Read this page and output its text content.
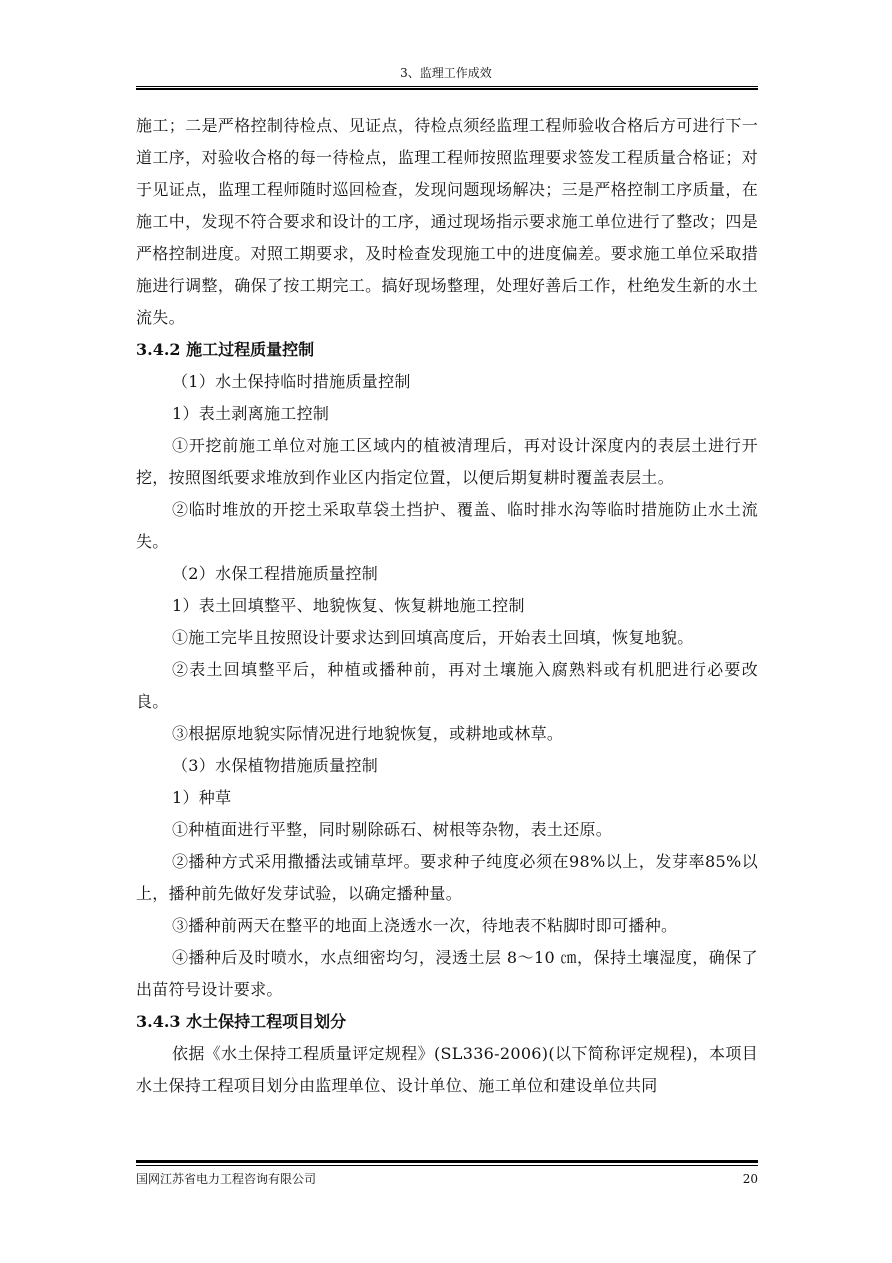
3、监理工作成效

施工；二是严格控制待检点、见证点，待检点须经监理工程师验收合格后方可进行下一道工序，对验收合格的每一待检点，监理工程师按照监理要求签发工程质量合格证；对于见证点，监理工程师随时巡回检查，发现问题现场解决；三是严格控制工序质量，在施工中，发现不符合要求和设计的工序，通过现场指示要求施工单位进行了整改；四是严格控制进度。对照工期要求，及时检查发现施工中的进度偏差。要求施工单位采取措施进行调整，确保了按工期完工。搞好现场整理，处理好善后工作，杜绝发生新的水土流失。

3.4.2 施工过程质量控制

（1）水土保持临时措施质量控制

1）表土剥离施工控制

①开挖前施工单位对施工区域内的植被清理后，再对设计深度内的表层土进行开挖，按照图纸要求堆放到作业区内指定位置，以便后期复耕时覆盖表层土。

②临时堆放的开挖土采取草袋土挡护、覆盖、临时排水沟等临时措施防止水土流失。

（2）水保工程措施质量控制

1）表土回填整平、地貌恢复、恢复耕地施工控制

①施工完毕且按照设计要求达到回填高度后，开始表土回填，恢复地貌。

②表土回填整平后，种植或播种前，再对土壤施入腐熟料或有机肥进行必要改良。

③根据原地貌实际情况进行地貌恢复，或耕地或林草。

（3）水保植物措施质量控制

1）种草

①种植面进行平整，同时剔除砾石、树根等杂物，表土还原。

②播种方式采用撒播法或铺草坪。要求种子纯度必须在98%以上，发芽率85%以上，播种前先做好发芽试验，以确定播种量。

③播种前两天在整平的地面上浇透水一次，待地表不粘脚时即可播种。

④播种后及时喷水，水点细密均匀，浸透土层 8～10 ㎝，保持土壤湿度，确保了出苗符号设计要求。

3.4.3 水土保持工程项目划分

依据《水土保持工程质量评定规程》(SL336-2006)(以下简称评定规程)，本项目水土保持工程项目划分由监理单位、设计单位、施工单位和建设单位共同

国网江苏省电力工程咨询有限公司	20
